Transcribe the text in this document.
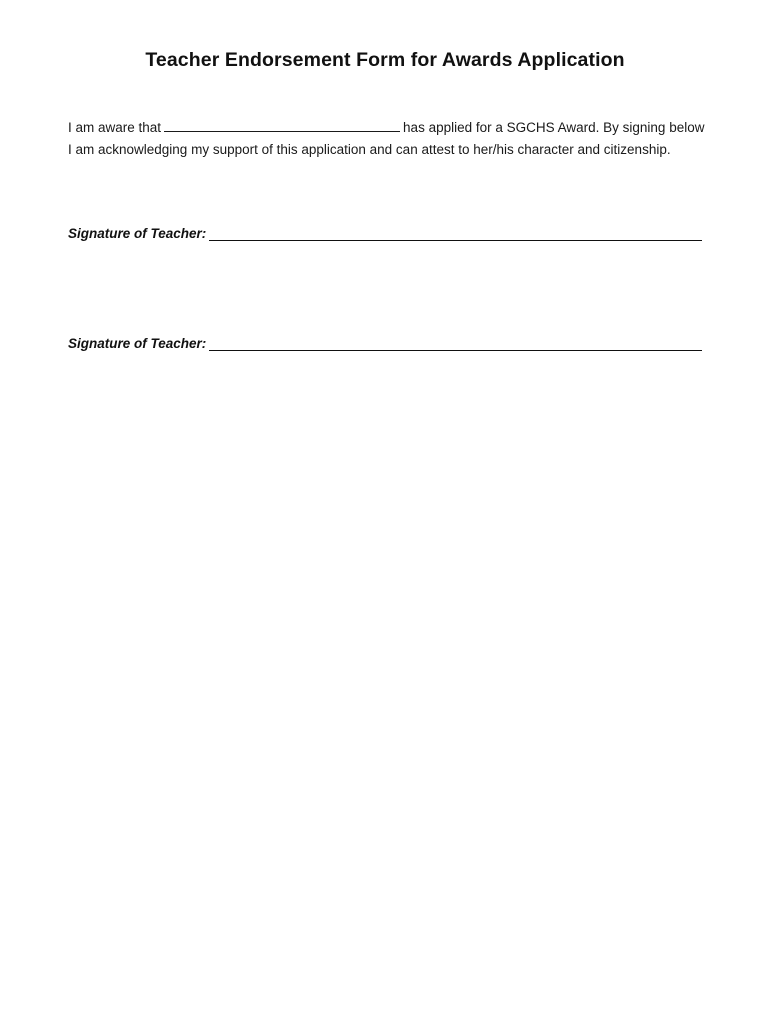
Teacher Endorsement Form for Awards Application
I am aware that	has applied for a SGCHS Award. By signing below I am acknowledging my support of this application and can attest to her/his character and citizenship.
Signature of Teacher:
Signature of Teacher:
